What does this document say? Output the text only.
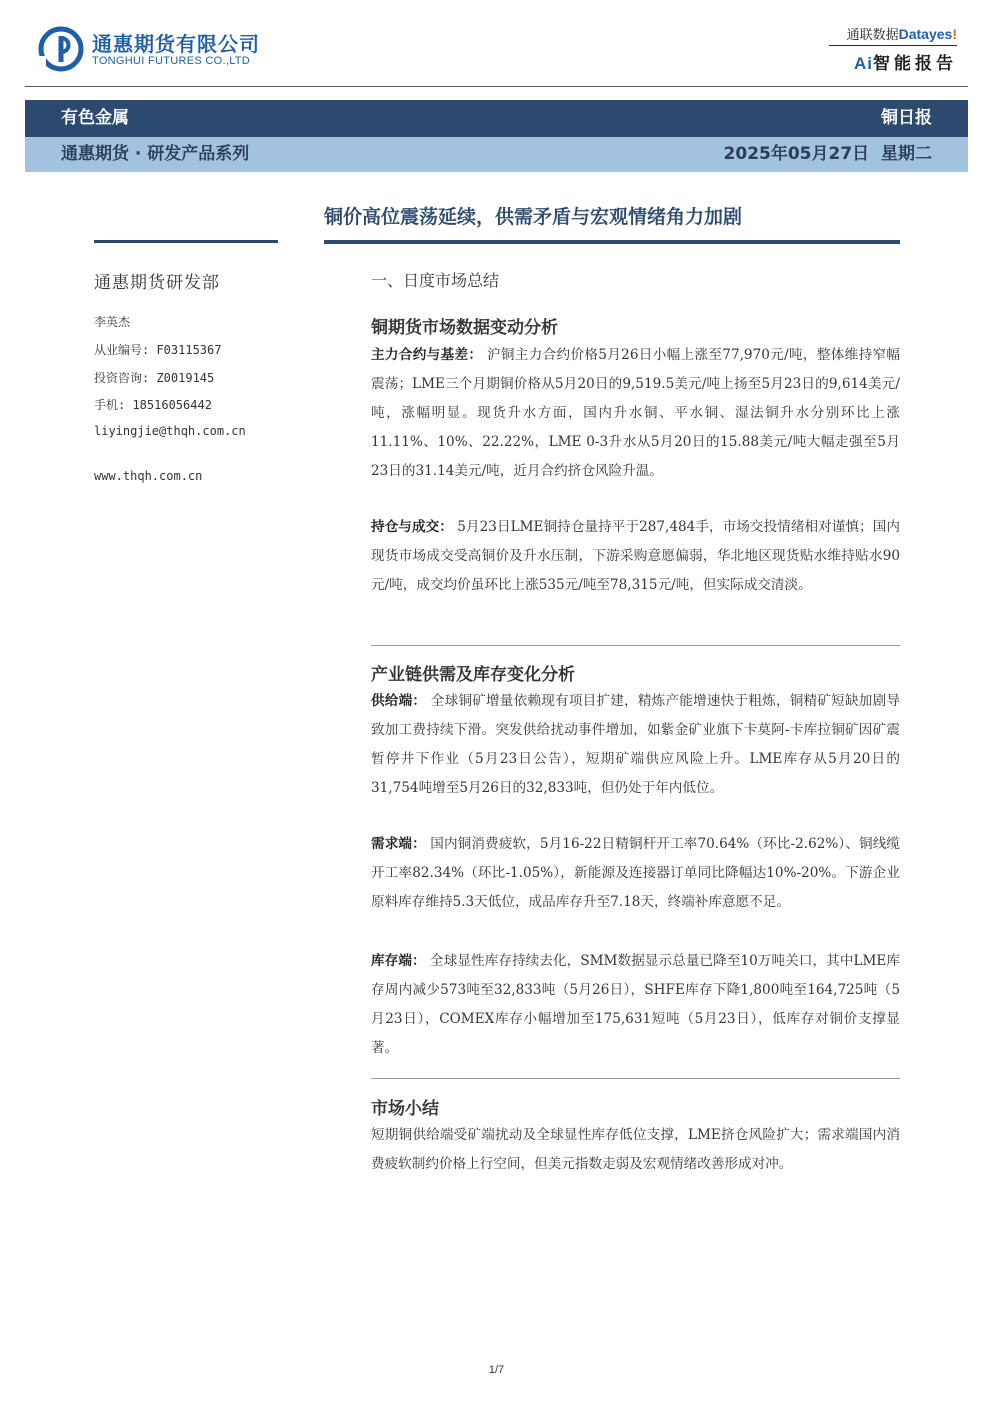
通惠期货有限公司
TONGHUI FUTURES CO.,LTD
通联数据Datayes!
Ai智能报告
有色金属	铜日报
通惠期货 · 研发产品系列	2025年05月27日  星期二
铜价高位震荡延续，供需矛盾与宏观情绪角力加剧
通惠期货研发部
李英杰
从业编号: F03115367
投资咨询: Z0019145
手机: 18516056442
liyingjie@thqh.com.cn
www.thqh.com.cn
一、日度市场总结
铜期货市场数据变动分析
主力合约与基差： 沪铜主力合约价格5月26日小幅上涨至77,970元/吨，整体维持窄幅震荡；LME三个月期铜价格从5月20日的9,519.5美元/吨上扬至5月23日的9,614美元/吨，涨幅明显。现货升水方面，国内升水铜、平水铜、湿法铜升水分别环比上涨11.11%、10%、22.22%，LME 0-3升水从5月20日的15.88美元/吨大幅走强至5月23日的31.14美元/吨，近月合约挤仓风险升温。
持仓与成交： 5月23日LME铜持仓量持平于287,484手，市场交投情绪相对谨慎；国内现货市场成交受高铜价及升水压制，下游采购意愿偏弱，华北地区现货贴水维持贴水90元/吨，成交均价虽环比上涨535元/吨至78,315元/吨，但实际成交清淡。
产业链供需及库存变化分析
供给端： 全球铜矿增量依赖现有项目扩建，精炼产能增速快于粗炼，铜精矿短缺加剧导致加工费持续下滑。突发供给扰动事件增加，如紫金矿业旗下卡莫阿-卡库拉铜矿因矿震暂停井下作业（5月23日公告），短期矿端供应风险上升。LME库存从5月20日的31,754吨增至5月26日的32,833吨，但仍处于年内低位。
需求端： 国内铜消费疲软，5月16-22日精铜杆开工率70.64%（环比-2.62%）、铜线缆开工率82.34%（环比-1.05%），新能源及连接器订单同比降幅达10%-20%。下游企业原料库存维持5.3天低位，成品库存升至7.18天，终端补库意愿不足。
库存端： 全球显性库存持续去化，SMM数据显示总量已降至10万吨关口，其中LME库存周内减少573吨至32,833吨（5月26日），SHFE库存下降1,800吨至164,725吨（5月23日），COMEX库存小幅增加至175,631短吨（5月23日），低库存对铜价支撑显著。
市场小结
短期铜供给端受矿端扰动及全球显性库存低位支撑，LME挤仓风险扩大；需求端国内消费疲软制约价格上行空间，但美元指数走弱及宏观情绪改善形成对冲。
1/7
